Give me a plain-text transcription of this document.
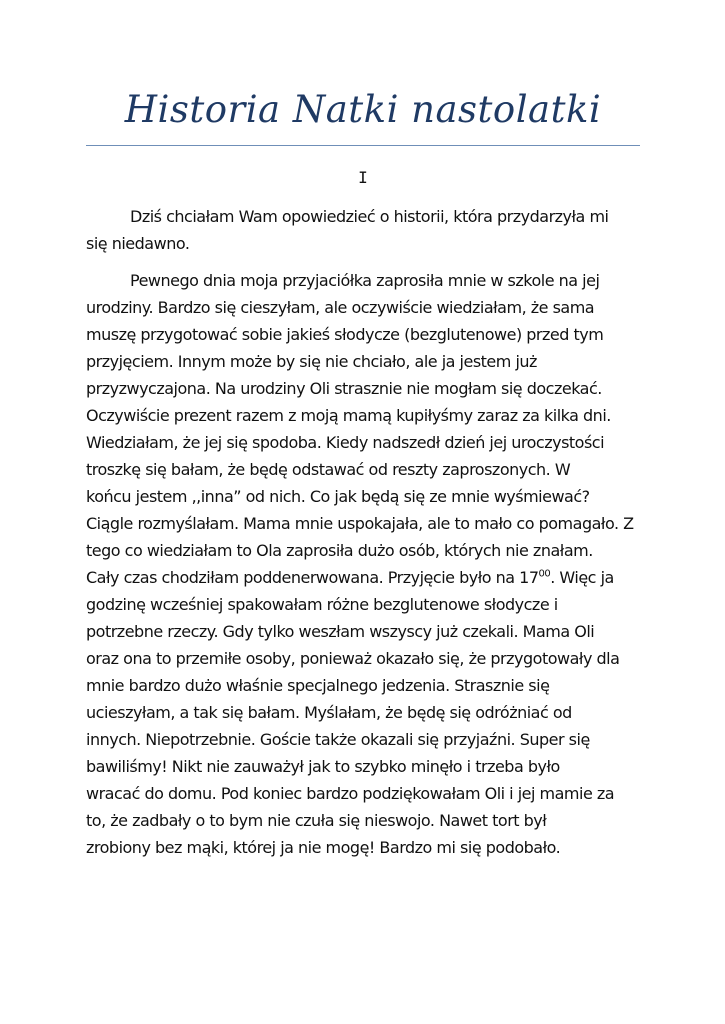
Historia Natki nastolatki
I
Dziś chciałam Wam opowiedzieć o historii, która przydarzyła mi
się niedawno.
Pewnego dnia moja przyjaciółka zaprosiła mnie w szkole na jej
urodziny. Bardzo się cieszyłam, ale oczywiście wiedziałam, że sama
muszę przygotować sobie jakieś słodycze (bezglutenowe) przed tym
przyjęciem. Innym może by się nie chciało, ale ja jestem już
przyzwyczajona. Na urodziny Oli strasznie nie mogłam się doczekać.
Oczywiście prezent razem z moją mamą kupiłyśmy zaraz za kilka dni.
Wiedziałam, że jej się spodoba. Kiedy nadszedł dzień jej uroczystości
troszkę się bałam, że będę odstawać od reszty zaproszonych. W
końcu jestem ,,inna” od nich. Co jak będą się ze mnie wyśmiewać?
Ciągle rozmyślałam. Mama mnie uspokajała, ale to mało co pomagało. Z
tego co wiedziałam to Ola zaprosiła dużo osób, których nie znałam.
Cały czas chodziłam poddenerwowana. Przyjęcie było na $17^{00}$. Więc ja
godzinę wcześniej spakowałam różne bezglutenowe słodycze i
potrzebne rzeczy. Gdy tylko weszłam wszyscy już czekali. Mama Oli
oraz ona to przemiłe osoby, ponieważ okazało się, że przygotowały dla
mnie bardzo dużo właśnie specjalnego jedzenia. Strasznie się
ucieszyłam, a tak się bałam. Myślałam, że będę się odróżniać od
innych. Niepotrzebnie. Goście także okazali się przyjaźni. Super się
bawiliśmy! Nikt nie zauważył jak to szybko minęło i trzeba było
wracać do domu. Pod koniec bardzo podziękowałam Oli i jej mamie za
to, że zadbały o to bym nie czuła się nieswojo. Nawet tort był
zrobiony bez mąki, której ja nie mogę! Bardzo mi się podobało.
